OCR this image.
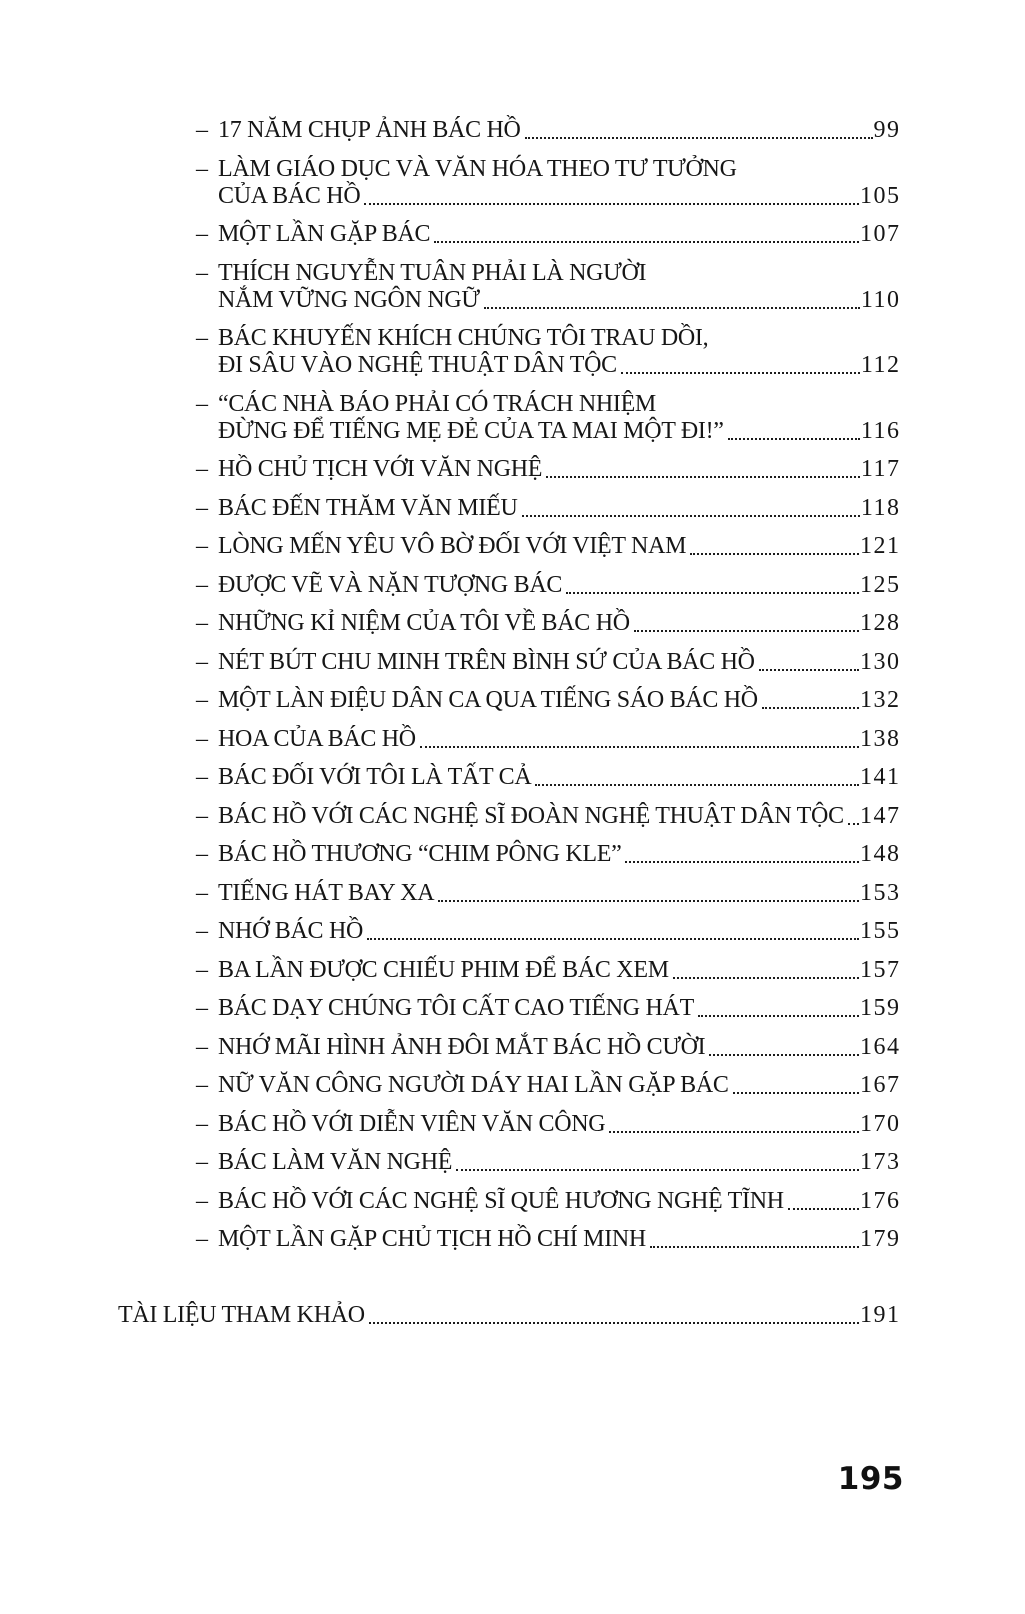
– 17 NĂM CHỤP ẢNH BÁC HỒ	99
– LÀM GIÁO DỤC VÀ VĂN HÓA THEO TƯ TƯỞNG
CỦA BÁC HỒ	105
– MỘT LẦN GẶP BÁC	107
– THÍCH NGUYỄN TUÂN PHẢI LÀ NGƯỜI
NẮM VỮNG NGÔN NGỮ	110
– BÁC KHUYẾN KHÍCH CHÚNG TÔI TRAU DỒI,
ĐI SÂU VÀO NGHỆ THUẬT DÂN TỘC	112
– “CÁC NHÀ BÁO PHẢI CÓ TRÁCH NHIỆM
ĐỪNG ĐỂ TIẾNG MẸ ĐẺ CỦA TA MAI MỘT ĐI!”	116
– HỒ CHỦ TỊCH VỚI VĂN NGHỆ	117
– BÁC ĐẾN THĂM VĂN MIẾU	118
– LÒNG MẾN YÊU VÔ BỜ ĐỐI VỚI VIỆT NAM	121
– ĐƯỢC VẼ VÀ NẶN TƯỢNG BÁC	125
– NHỮNG KỈ NIỆM CỦA TÔI VỀ BÁC HỒ	128
– NÉT BÚT CHU MINH TRÊN BÌNH SỨ CỦA BÁC HỒ	130
– MỘT LÀN ĐIỆU DÂN CA QUA TIẾNG SÁO BÁC HỒ	132
– HOA CỦA BÁC HỒ	138
– BÁC ĐỐI VỚI TÔI LÀ TẤT CẢ	141
– BÁC HỒ VỚI CÁC NGHỆ SĨ ĐOÀN NGHỆ THUẬT DÂN TỘC 147
– BÁC HỒ THƯƠNG “CHIM PÔNG KLE”	148
– TIẾNG HÁT BAY XA	153
– NHỚ BÁC HỒ	155
– BA LẦN ĐƯỢC CHIẾU PHIM ĐỂ BÁC XEM	157
– BÁC DẠY CHÚNG TÔI CẤT CAO TIẾNG HÁT	159
– NHỚ MÃI HÌNH ẢNH ĐÔI MẮT BÁC HỒ CƯỜI	164
– NỮ VĂN CÔNG NGƯỜI DÁY HAI LẦN GẶP BÁC	167
– BÁC HỒ VỚI DIỄN VIÊN VĂN CÔNG	170
– BÁC LÀM VĂN NGHỆ	173
– BÁC HỒ VỚI CÁC NGHỆ SĨ QUÊ HƯƠNG NGHỆ TĨNH	176
– MỘT LẦN GẶP CHỦ TỊCH HỒ CHÍ MINH	179
TÀI LIỆU THAM KHẢO	191
195
